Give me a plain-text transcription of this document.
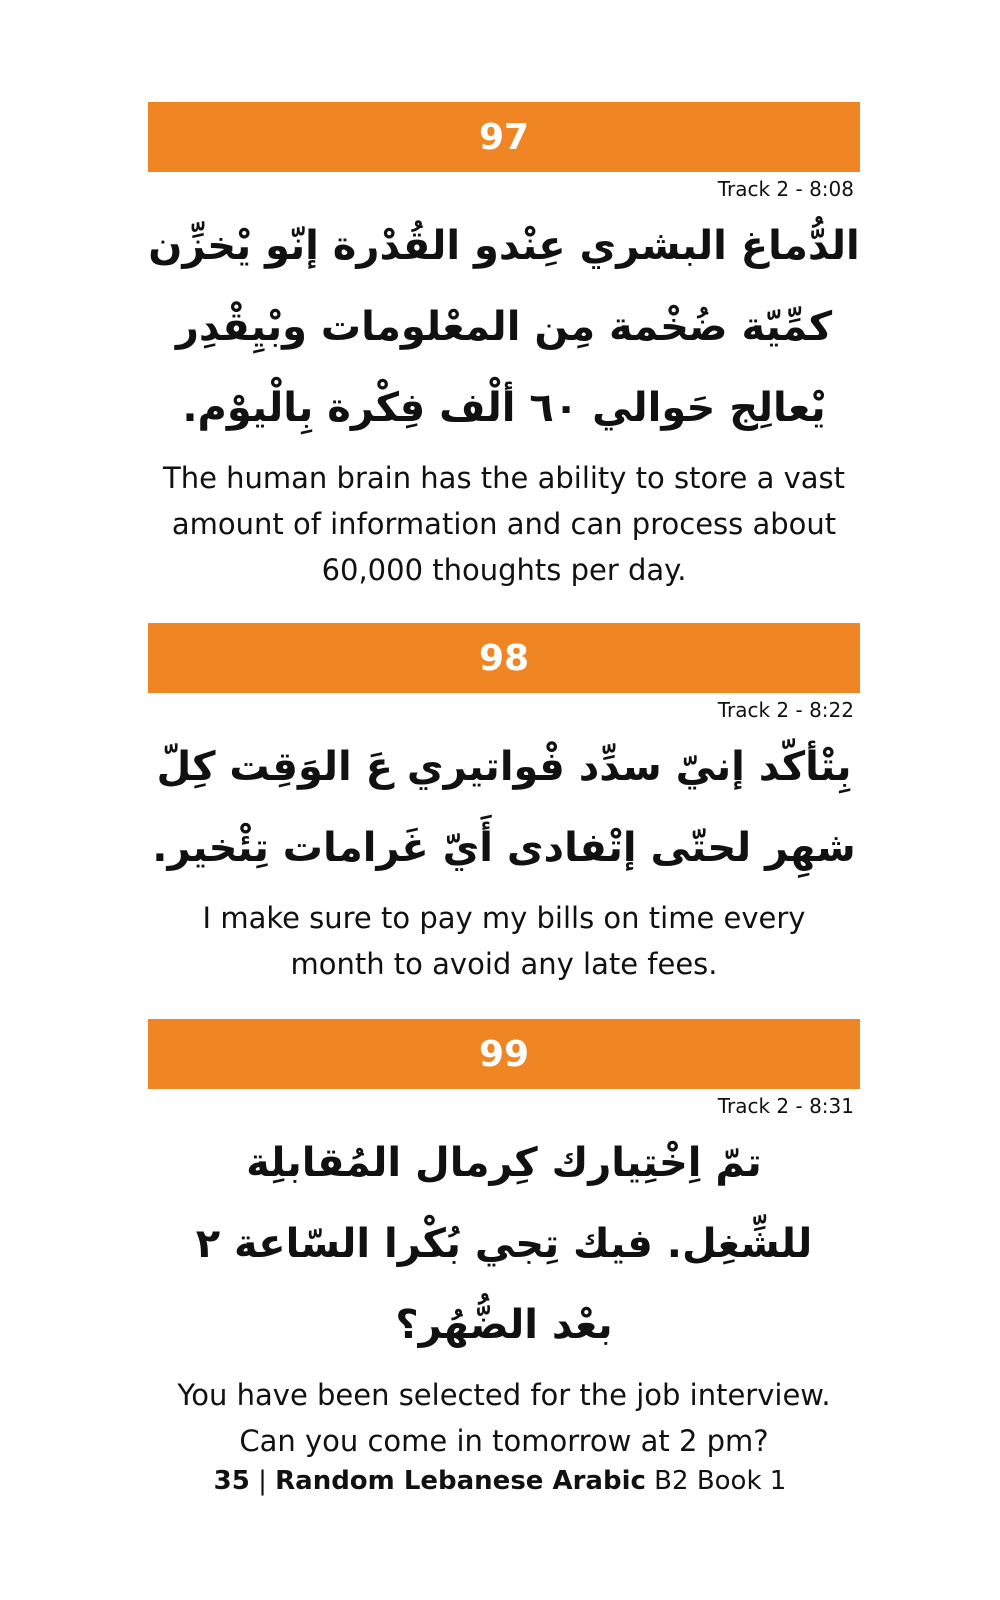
97
Track 2 - 8:08
الدُّماغ البشري عِنْدو القُدْرة إنّو يْخزِّن كمِّيّة ضُخْمة مِن المعْلومات وبْيِقْدِر يْعالِج حَوالي ٦٠ ألْف فِكْرة بِالْيوْم.
The human brain has the ability to store a vast amount of information and can process about 60,000 thoughts per day.
98
Track 2 - 8:22
بِتْأكّد إنيّ سدِّد فْواتيري عَ الوَقِت كِلّ شهِر لحتّى إتْفادى أَيّ غَرامات تِئْخير.
I make sure to pay my bills on time every month to avoid any late fees.
99
Track 2 - 8:31
تمّ اِخْتِيارك كِرمال المُقابلِة للشِّغِل. فيك تِجي بُكْرا السّاعة ٢ بعْد الضُّهُر؟
You have been selected for the job interview. Can you come in tomorrow at 2 pm?
35 | Random Lebanese Arabic B2 Book 1
